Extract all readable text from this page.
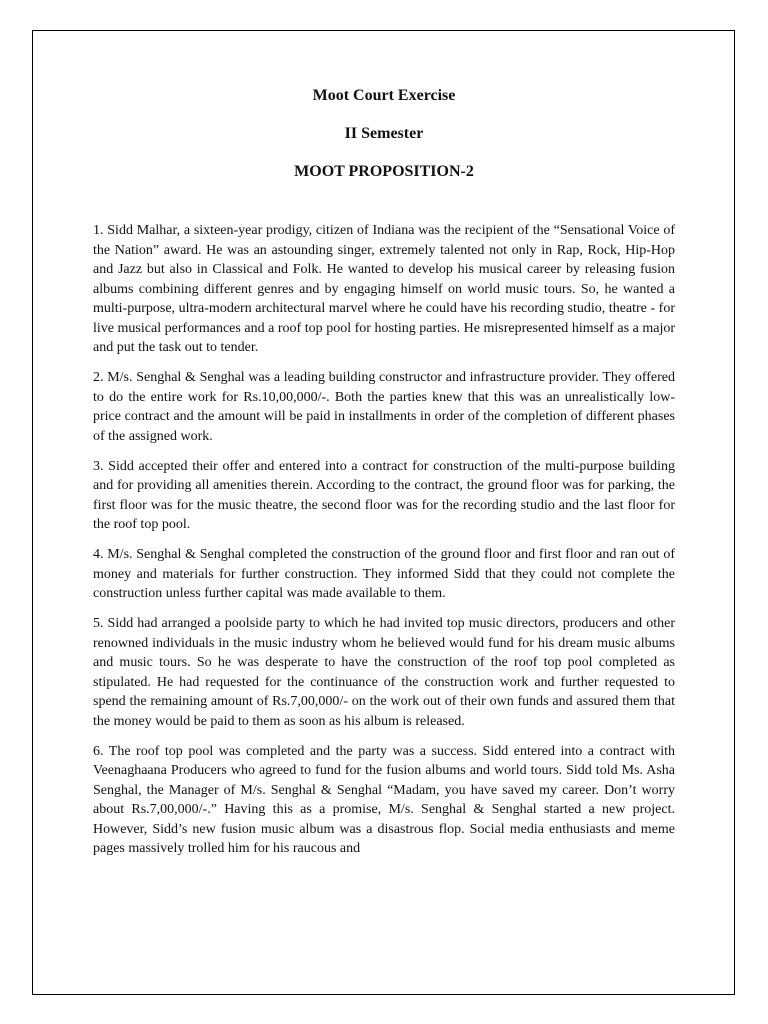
Moot Court Exercise
II Semester
MOOT PROPOSITION-2

1. Sidd Malhar, a sixteen-year prodigy, citizen of Indiana was the recipient of the “Sensational Voice of the Nation” award. He was an astounding singer, extremely talented not only in Rap, Rock, Hip-Hop and Jazz but also in Classical and Folk. He wanted to develop his musical career by releasing fusion albums combining different genres and by engaging himself on world music tours. So, he wanted a multi-purpose, ultra-modern architectural marvel where he could have his recording studio, theatre - for live musical performances and a roof top pool for hosting parties. He misrepresented himself as a major and put the task out to tender.

2. M/s. Senghal & Senghal was a leading building constructor and infrastructure provider. They offered to do the entire work for Rs.10,00,000/-. Both the parties knew that this was an unrealistically low-price contract and the amount will be paid in installments in order of the completion of different phases of the assigned work.

3. Sidd accepted their offer and entered into a contract for construction of the multi-purpose building and for providing all amenities therein. According to the contract, the ground floor was for parking, the first floor was for the music theatre, the second floor was for the recording studio and the last floor for the roof top pool.

4. M/s. Senghal & Senghal completed the construction of the ground floor and first floor and ran out of money and materials for further construction. They informed Sidd that they could not complete the construction unless further capital was made available to them.

5. Sidd had arranged a poolside party to which he had invited top music directors, producers and other renowned individuals in the music industry whom he believed would fund for his dream music albums and music tours. So he was desperate to have the construction of the roof top pool completed as stipulated. He had requested for the continuance of the construction work and further requested to spend the remaining amount of Rs.7,00,000/- on the work out of their own funds and assured them that the money would be paid to them as soon as his album is released.

6. The roof top pool was completed and the party was a success. Sidd entered into a contract with Veenaghaana Producers who agreed to fund for the fusion albums and world tours. Sidd told Ms. Asha Senghal, the Manager of M/s. Senghal & Senghal “Madam, you have saved my career. Don’t worry about Rs.7,00,000/-.” Having this as a promise, M/s. Senghal & Senghal started a new project. However, Sidd’s new fusion music album was a disastrous flop. Social media enthusiasts and meme pages massively trolled him for his raucous and
